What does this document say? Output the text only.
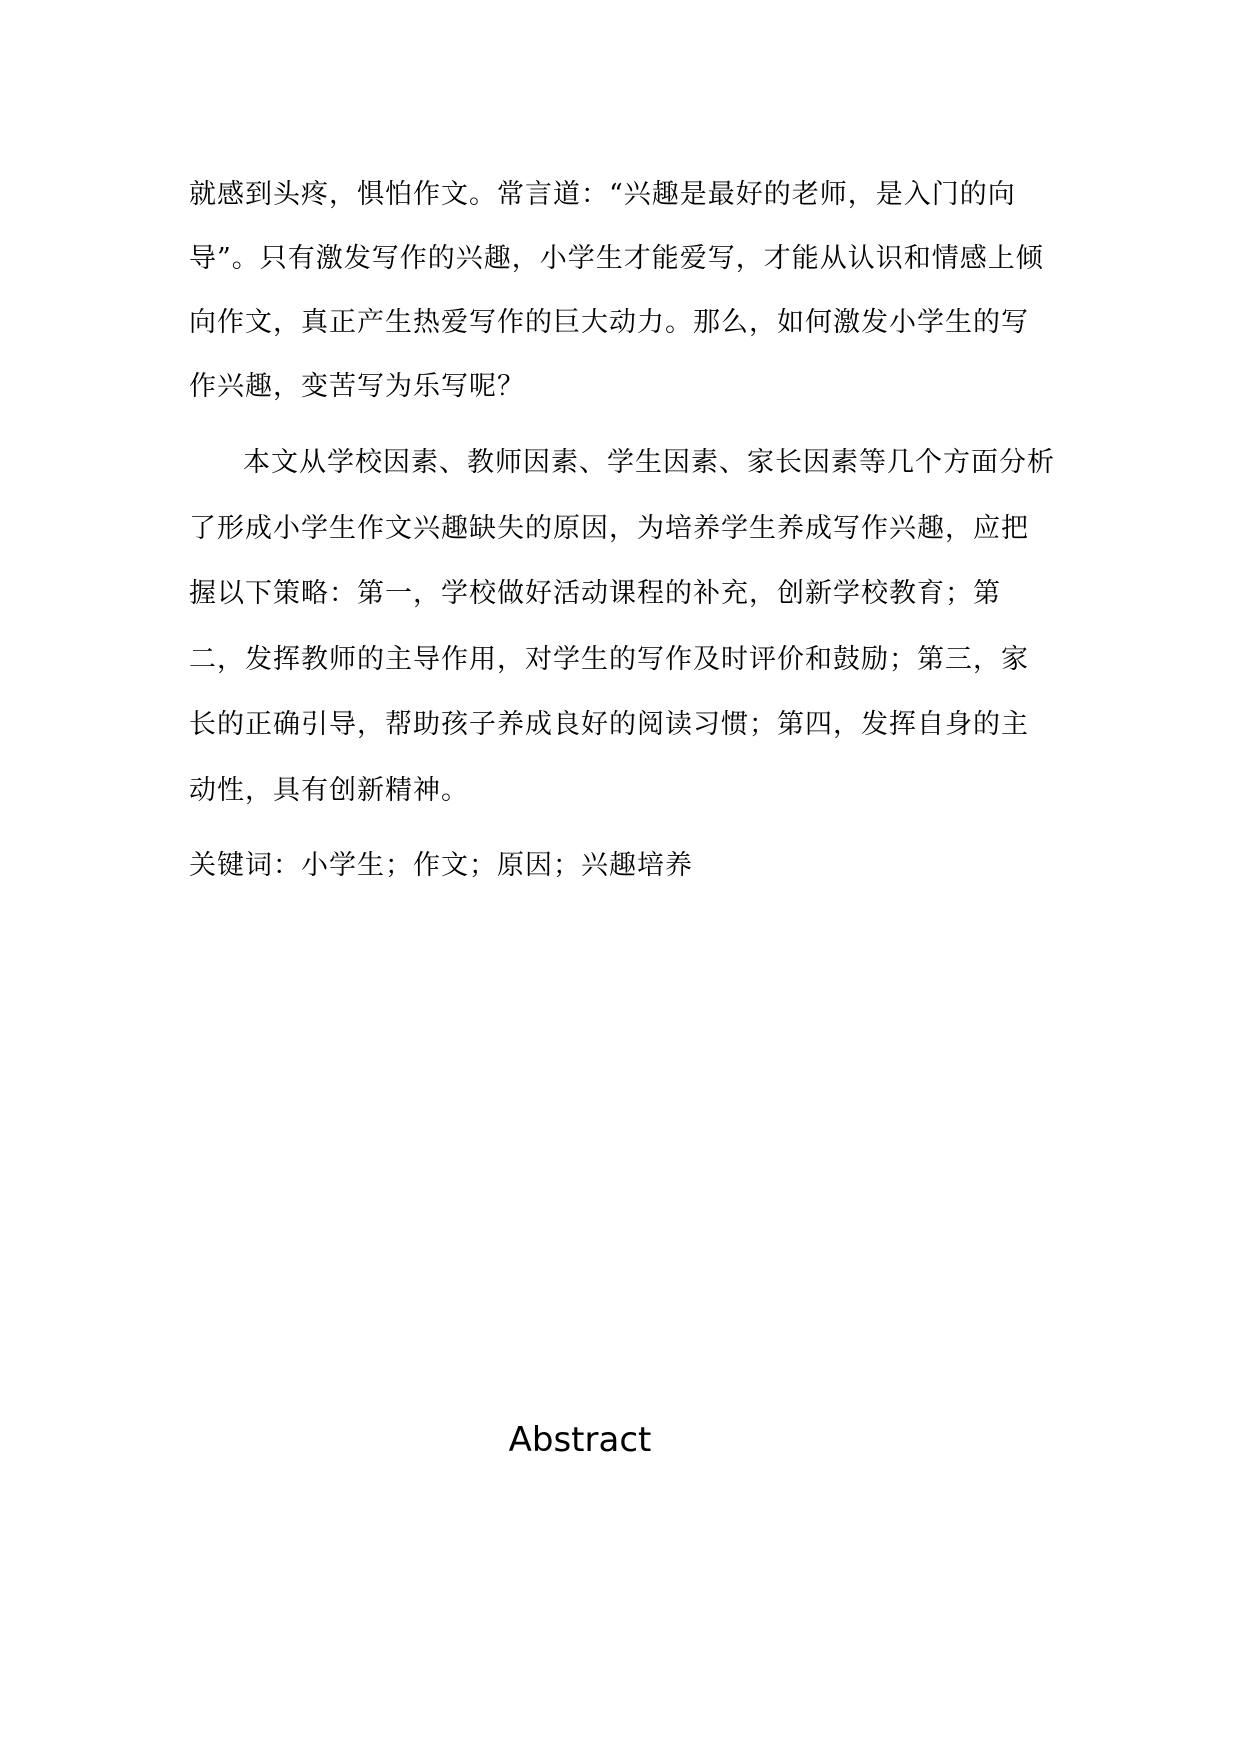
就感到头疼，惧怕作文。常言道：“兴趣是最好的老师，是入门的向导”。只有激发写作的兴趣，小学生才能爱写，才能从认识和情感上倾向作文，真正产生热爱写作的巨大动力。那么，如何激发小学生的写作兴趣，变苦写为乐写呢？

本文从学校因素、教师因素、学生因素、家长因素等几个方面分析了形成小学生作文兴趣缺失的原因，为培养学生养成写作兴趣，应把握以下策略：第一，学校做好活动课程的补充，创新学校教育；第二，发挥教师的主导作用，对学生的写作及时评价和鼓励；第三，家长的正确引导，帮助孩子养成良好的阅读习惯；第四，发挥自身的主动性，具有创新精神。

关键词：小学生；作文；原因；兴趣培养

Abstract
